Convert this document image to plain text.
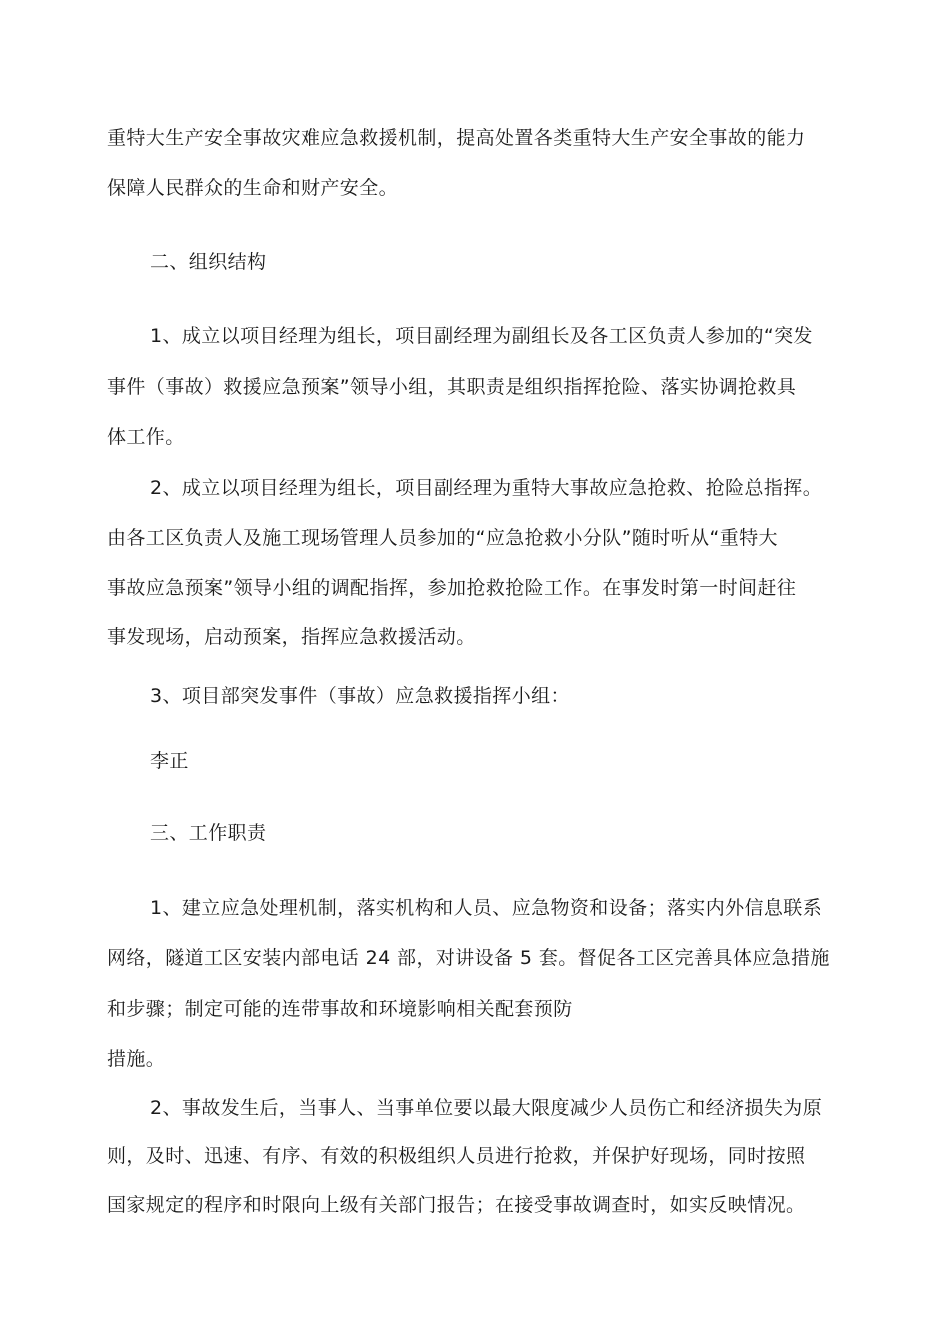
重特大生产安全事故灾难应急救援机制，提高处置各类重特大生产安全事故的能力
保障人民群众的生命和财产安全。
二、组织结构
1、成立以项目经理为组长，项目副经理为副组长及各工区负责人参加的“突发
事件（事故）救援应急预案”领导小组，其职责是组织指挥抢险、落实协调抢救具
体工作。
2、成立以项目经理为组长，项目副经理为重特大事故应急抢救、抢险总指挥。
由各工区负责人及施工现场管理人员参加的“应急抢救小分队”随时听从“重特大
事故应急预案”领导小组的调配指挥，参加抢救抢险工作。在事发时第一时间赶往
事发现场，启动预案，指挥应急救援活动。
3、项目部突发事件（事故）应急救援指挥小组：
李正
三、工作职责
1、建立应急处理机制，落实机构和人员、应急物资和设备；落实内外信息联系
网络，隧道工区安装内部电话 24 部，对讲设备 5 套。督促各工区完善具体应急措施
和步骤；制定可能的连带事故和环境影响相关配套预防
措施。
2、事故发生后，当事人、当事单位要以最大限度减少人员伤亡和经济损失为原
则，及时、迅速、有序、有效的积极组织人员进行抢救，并保护好现场，同时按照
国家规定的程序和时限向上级有关部门报告；在接受事故调查时，如实反映情况。
